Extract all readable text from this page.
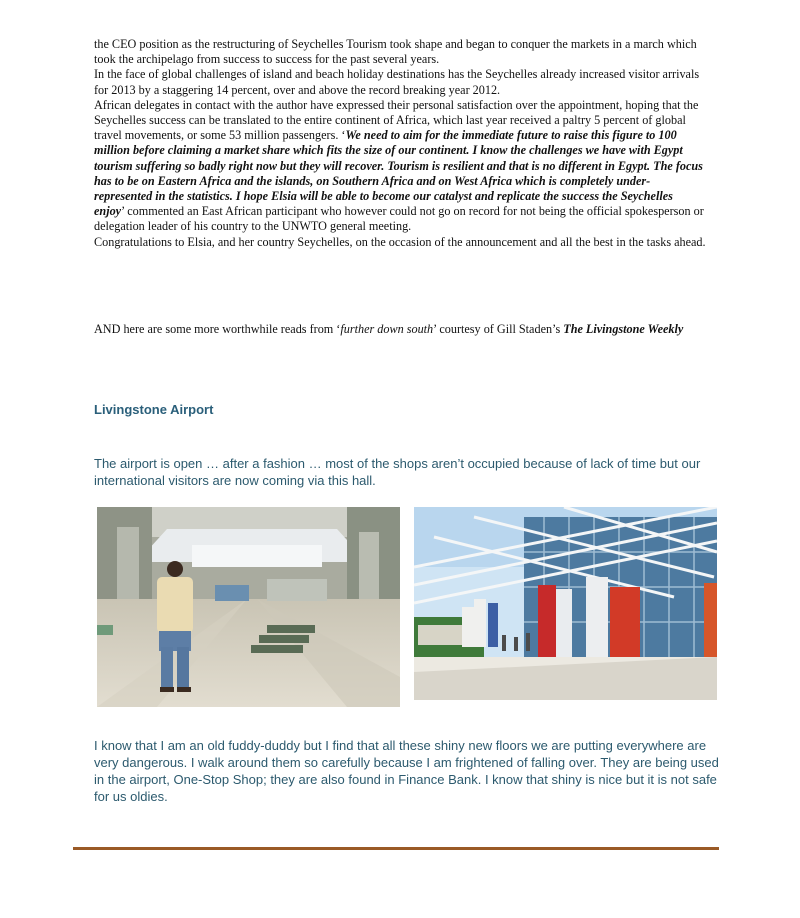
the CEO position as the restructuring of Seychelles Tourism took shape and began to conquer the markets in a march which took the archipelago from success to success for the past several years.

In the face of global challenges of island and beach holiday destinations has the Seychelles already increased visitor arrivals for 2013 by a staggering 14 percent, over and above the record breaking year 2012.

African delegates in contact with the author have expressed their personal satisfaction over the appointment, hoping that the Seychelles success can be translated to the entire continent of Africa, which last year received a paltry 5 percent of global travel movements, or some 53 million passengers. ‘We need to aim for the immediate future to raise this figure to 100 million before claiming a market share which fits the size of our continent. I know the challenges we have with Egypt tourism suffering so badly right now but they will recover. Tourism is resilient and that is no different in Egypt. The focus has to be on Eastern Africa and the islands, on Southern Africa and on West Africa which is completely under-represented in the statistics. I hope Elsia will be able to become our catalyst and replicate the success the Seychelles enjoy’ commented an East African participant who however could not go on record for not being the official spokesperson or delegation leader of his country to the UNWTO general meeting.

Congratulations to Elsia, and her country Seychelles, on the occasion of the announcement and all the best in the tasks ahead.

AND here are some more worthwhile reads from ‘further down south’ courtesy of Gill Staden’s The Livingstone Weekly

Livingstone Airport

The airport is open … after a fashion … most of the shops aren’t occupied because of lack of time but our international visitors are now coming via this hall.

I know that I am an old fuddy-duddy but I find that all these shiny new floors we are putting everywhere are very dangerous. I walk around them so carefully because I am frightened of falling over. They are being used in the airport, One-Stop Shop; they are also found in Finance Bank. I know that shiny is nice but it is not safe for us oldies.
